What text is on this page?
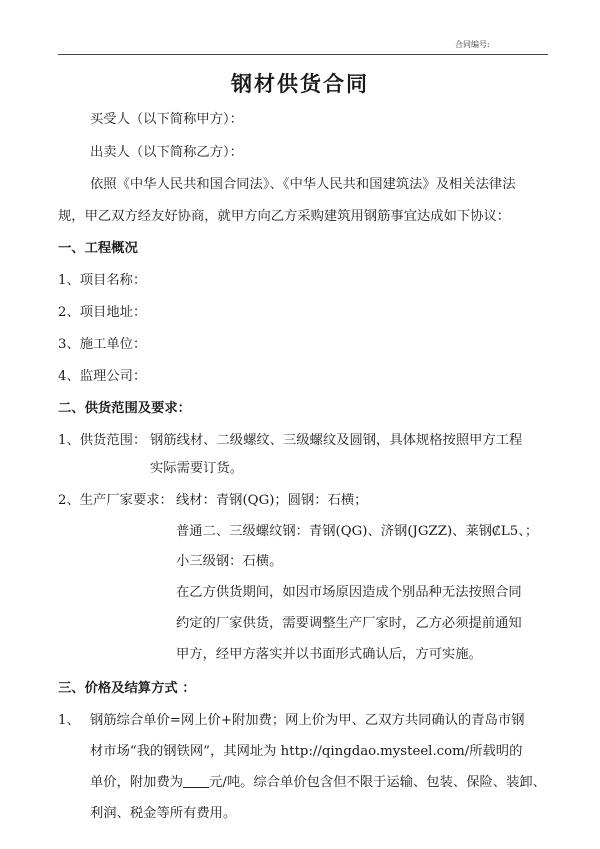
合同编号:
钢材供货合同
买受人（以下简称甲方）：
出卖人（以下简称乙方）：
依照《中华人民共和国合同法》、《中华人民共和国建筑法》及相关法律法
规，甲乙双方经友好协商，就甲方向乙方采购建筑用钢筋事宜达成如下协议：
一、工程概况
1、项目名称：
2、项目地址：
3、施工单位：
4、监理公司：
二、供货范围及要求：
1、供货范围： 钢筋线材、二级螺纹、三级螺纹及圆钢，具体规格按照甲方工程
实际需要订货。
2、生产厂家要求： 线材：青钢(QG)；圆钢：石横；
普通二、三级螺纹钢：青钢(QG)、济钢(JGZZ)、莱钢₡L5、；
小三级钢：石横。
在乙方供货期间，如因市场原因造成个别品种无法按照合同
约定的厂家供货，需要调整生产厂家时，乙方必须提前通知
甲方，经甲方落实并以书面形式确认后，方可实施。
三、价格及结算方式 ：
1、 钢筋综合单价=网上价+附加费；网上价为甲、乙双方共同确认的青岛市钢
材市场“我的钢铁网”，其网址为 http://qingdao.mysteel.com/所载明的
单价，附加费为 元/吨。综合单价包含但不限于运输、包装、保险、装卸、
利润、税金等所有费用。
